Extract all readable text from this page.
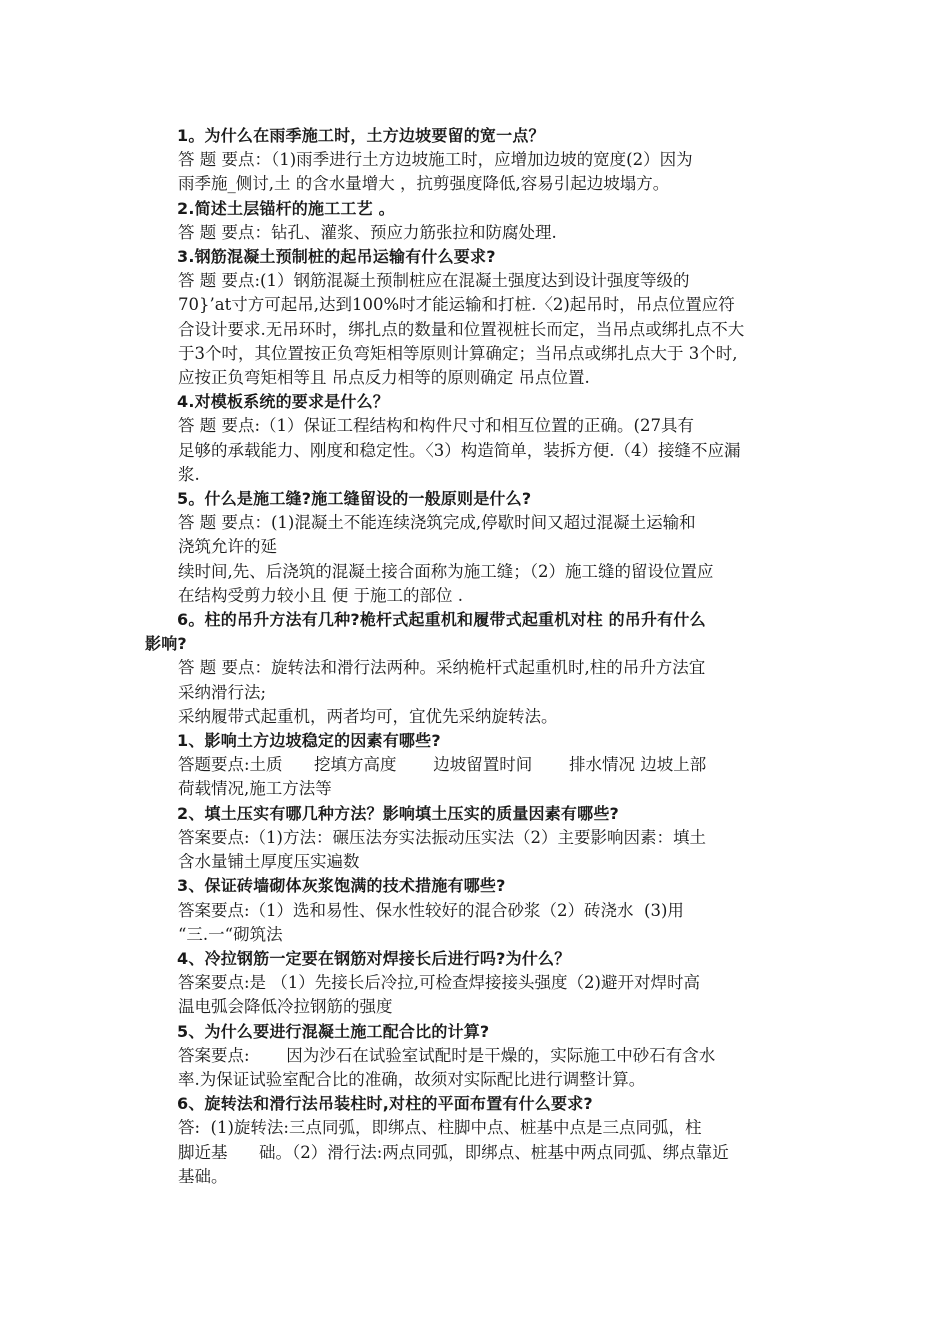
1。为什么在雨季施工时，土方边坡要留的宽一点？

答 题 要点：（1)雨季进行土方边坡施工时，应增加边坡的宽度(2）因为
雨季施_侧讨,土 的含水量增大 ，抗剪强度降低,容易引起边坡塌方。

2.简述土层锚杆的施工工艺 。

答 题 要点：钻孔、灌浆、预应力筋张拉和防腐处理.

3.钢筋混凝土预制桩的起吊运输有什么要求?

答 题 要点:(1）钢筋混凝土预制桩应在混凝土强度达到设计强度等级的
70}’at寸方可起吊,达到100%吋才能运输和打桩.〈2)起吊时，吊点位置应符
合设计要求.无吊环时，绑扎点的数量和位置视桩长而定，当吊点或绑扎点不大
于3个吋，其位置按正负弯矩相等原则计算确定；当吊点或绑扎点大于 3个时,
应按正负弯矩相等且 吊点反力相等的原则确定 吊点位置.

4.对模板系统的要求是什么？

答 题 要点:（1）保证工程结构和构件尺寸和相互位置的正确。(27具有
足够的承载能力、刚度和稳定性。〈3）构造简单，装拆方便.（4）接缝不应漏
浆.

5。什么是施工缝?施工缝留设的一般原则是什么?

答 题 要点：(1)混凝土不能连续浇筑完成,停歇时间又超过混凝土运输和
浇筑允许的延

续时间,先、后浇筑的混凝土接合面称为施工缝；（2）施工缝的留设位置应
在结构受剪力较小且 便 于施工的部位 .

6。柱的吊升方法有几种?桅杆式起重机和履带式起重机对柱 的吊升有什么

影响?

答 题 要点：旋转法和滑行法两种。采纳桅杆式起重机时,柱的吊升方法宜
采纳滑行法;

采纳履带式起重机，两者均可，宜优先采纳旋转法。

1、影响土方边坡稳定的因素有哪些?

答题要点:土质      挖填方高度       边坡留置时间       排水情况 边坡上部
荷载情况,施工方法等

2、填土压实有哪几种方法？影响填土压实的质量因素有哪些?

答案要点:（1)方法：碾压法夯实法振动压实法（2）主要影响因素：填土
含水量铺土厚度压实遍数

3、保证砖墙砌体灰浆饱满的技术措施有哪些?

答案要点:（1）选和易性、保水性较好的混合砂浆（2）砖浇水  (3)用
“三.一“砌筑法

4、冷拉钢筋一定要在钢筋对焊接长后进行吗?为什么？

答案要点:是 （1）先接长后冷拉,可检查焊接接头强度（2)避开对焊时高
温电弧会降低冷拉钢筋的强度

5、为什么要进行混凝土施工配合比的计算?

答案要点:       因为沙石在试验室试配时是干燥的，实际施工中砂石有含水
率.为保证试验室配合比的准确，故须对实际配比进行调整计算。

6、旋转法和滑行法吊装柱时,对柱的平面布置有什么要求?

答:  (1)旋转法:三点同弧，即绑点、柱脚中点、桩基中点是三点同弧，柱
脚近基      础。（2）滑行法:两点同弧，即绑点、桩基中两点同弧、绑点靠近
基础。
